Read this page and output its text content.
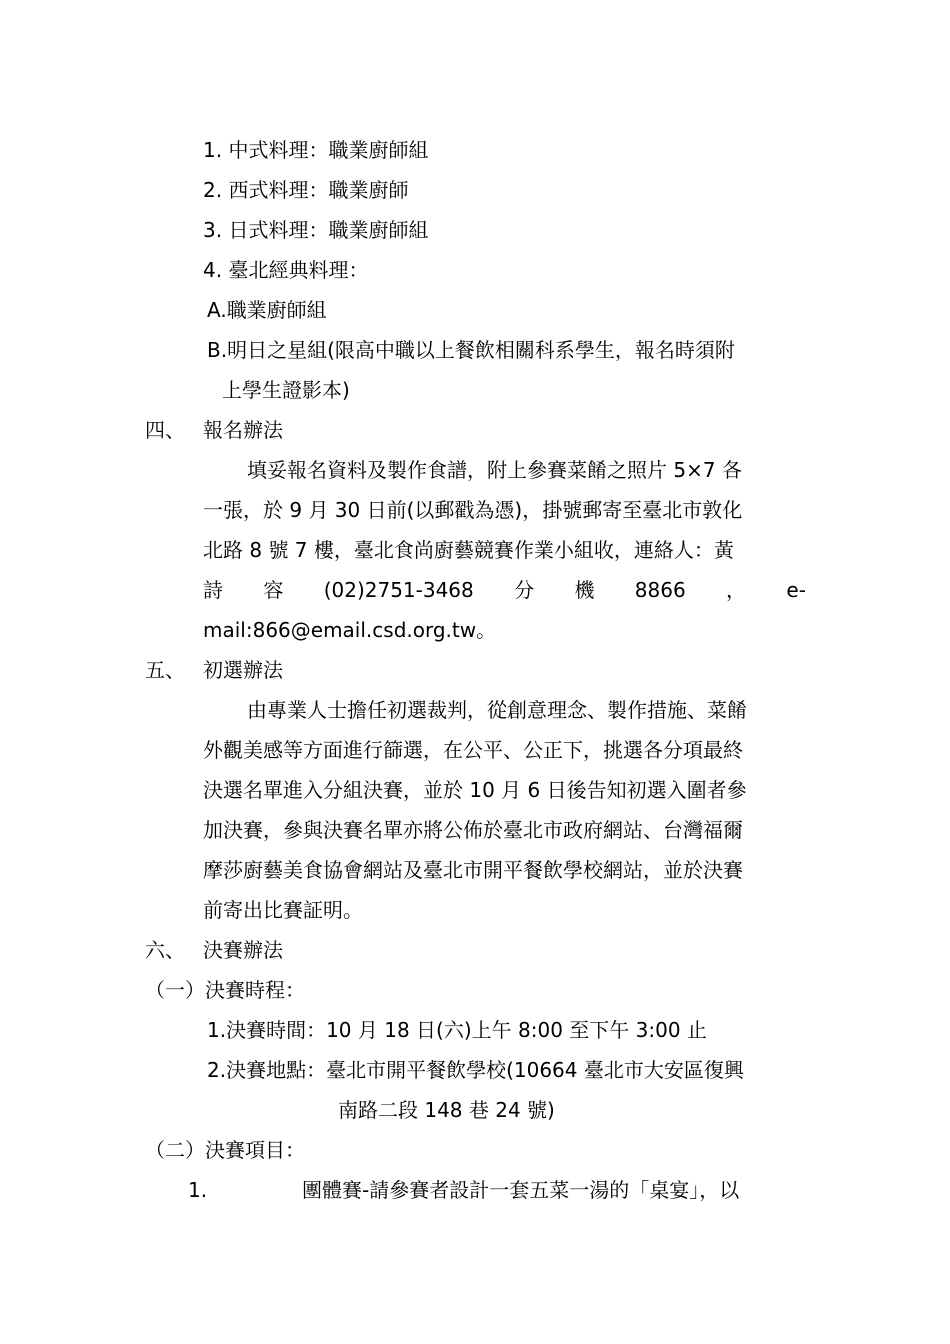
1. 中式料理：職業廚師組
2. 西式料理：職業廚師
3. 日式料理：職業廚師組
4. 臺北經典料理：
A.職業廚師組
B.明日之星組(限高中職以上餐飲相關科系學生，報名時須附
上學生證影本)
四、 報名辦法
填妥報名資料及製作食譜，附上參賽菜餚之照片 5×7 各
一張，於 9 月 30 日前(以郵戳為憑)，掛號郵寄至臺北市敦化
北路 8 號 7 樓，臺北食尚廚藝競賽作業小組收，連絡人：黃
詩 容 (02)2751-3468 分 機 8866 ， e-
mail:866@email.csd.org.tw。
五、 初選辦法
由專業人士擔任初選裁判，從創意理念、製作措施、菜餚
外觀美感等方面進行篩選，在公平、公正下，挑選各分項最終
決選名單進入分組決賽，並於 10 月 6 日後告知初選入圍者參
加決賽，參與決賽名單亦將公佈於臺北市政府網站、台灣福爾
摩莎廚藝美食協會網站及臺北市開平餐飲學校網站，並於決賽
前寄出比賽証明。
六、 決賽辦法
（一）決賽時程：
1.決賽時間：10 月 18 日(六)上午 8:00 至下午 3:00 止
2.決賽地點：臺北市開平餐飲學校(10664 臺北市大安區復興
南路二段 148 巷 24 號)
（二）決賽項目：
1.	團體賽-請參賽者設計一套五菜一湯的「桌宴」，以
